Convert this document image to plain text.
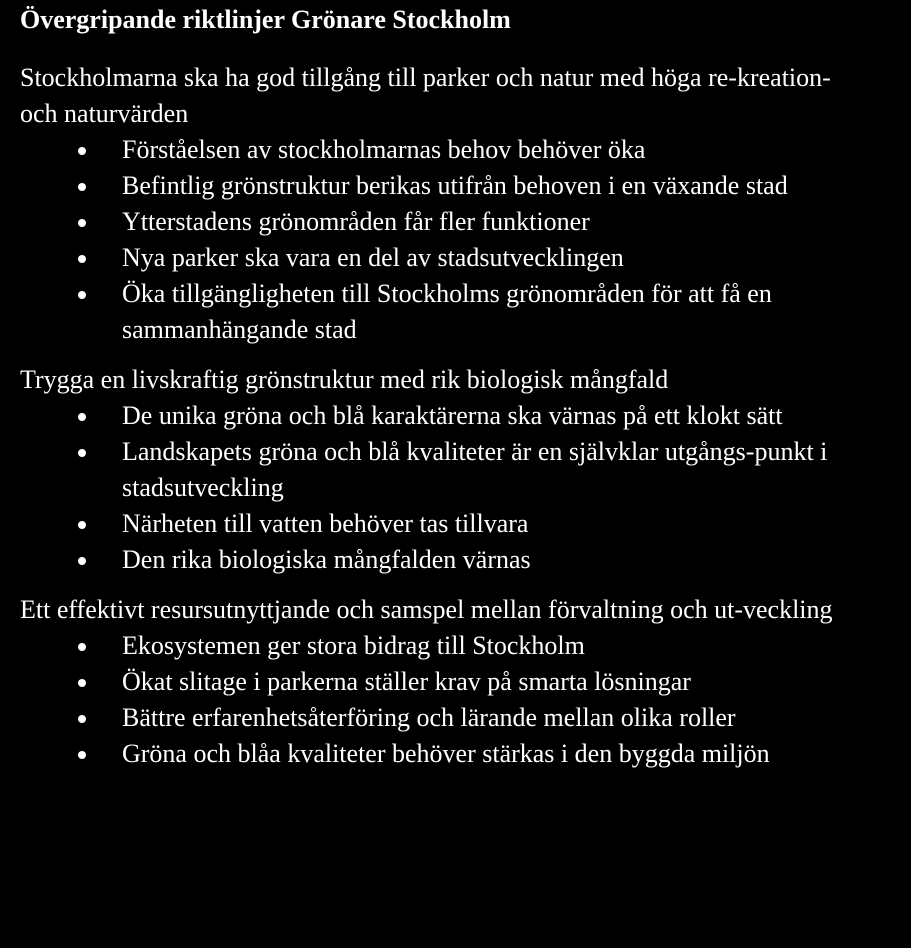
Övergripande riktlinjer Grönare Stockholm
Stockholmarna ska ha god tillgång till parker och natur med höga re-kreation- och naturvärden
Förståelsen av stockholmarnas behov behöver öka
Befintlig grönstruktur berikas utifrån behoven i en växande stad
Ytterstadens grönområden får fler funktioner
Nya parker ska vara en del av stadsutvecklingen
Öka tillgängligheten till Stockholms grönområden för att få en sammanhängande stad
Trygga en livskraftig grönstruktur med rik biologisk mångfald
De unika gröna och blå karaktärerna ska värnas på ett klokt sätt
Landskapets gröna och blå kvaliteter är en självklar utgångs-punkt i stadsutveckling
Närheten till vatten behöver tas tillvara
Den rika biologiska mångfalden värnas
Ett effektivt resursutnyttjande och samspel mellan förvaltning och ut-veckling
Ekosystemen ger stora bidrag till Stockholm
Ökat slitage i parkerna ställer krav på smarta lösningar
Bättre erfarenhetsåterföring och lärande mellan olika roller
Gröna och blåa kvaliteter behöver stärkas i den byggda miljön
